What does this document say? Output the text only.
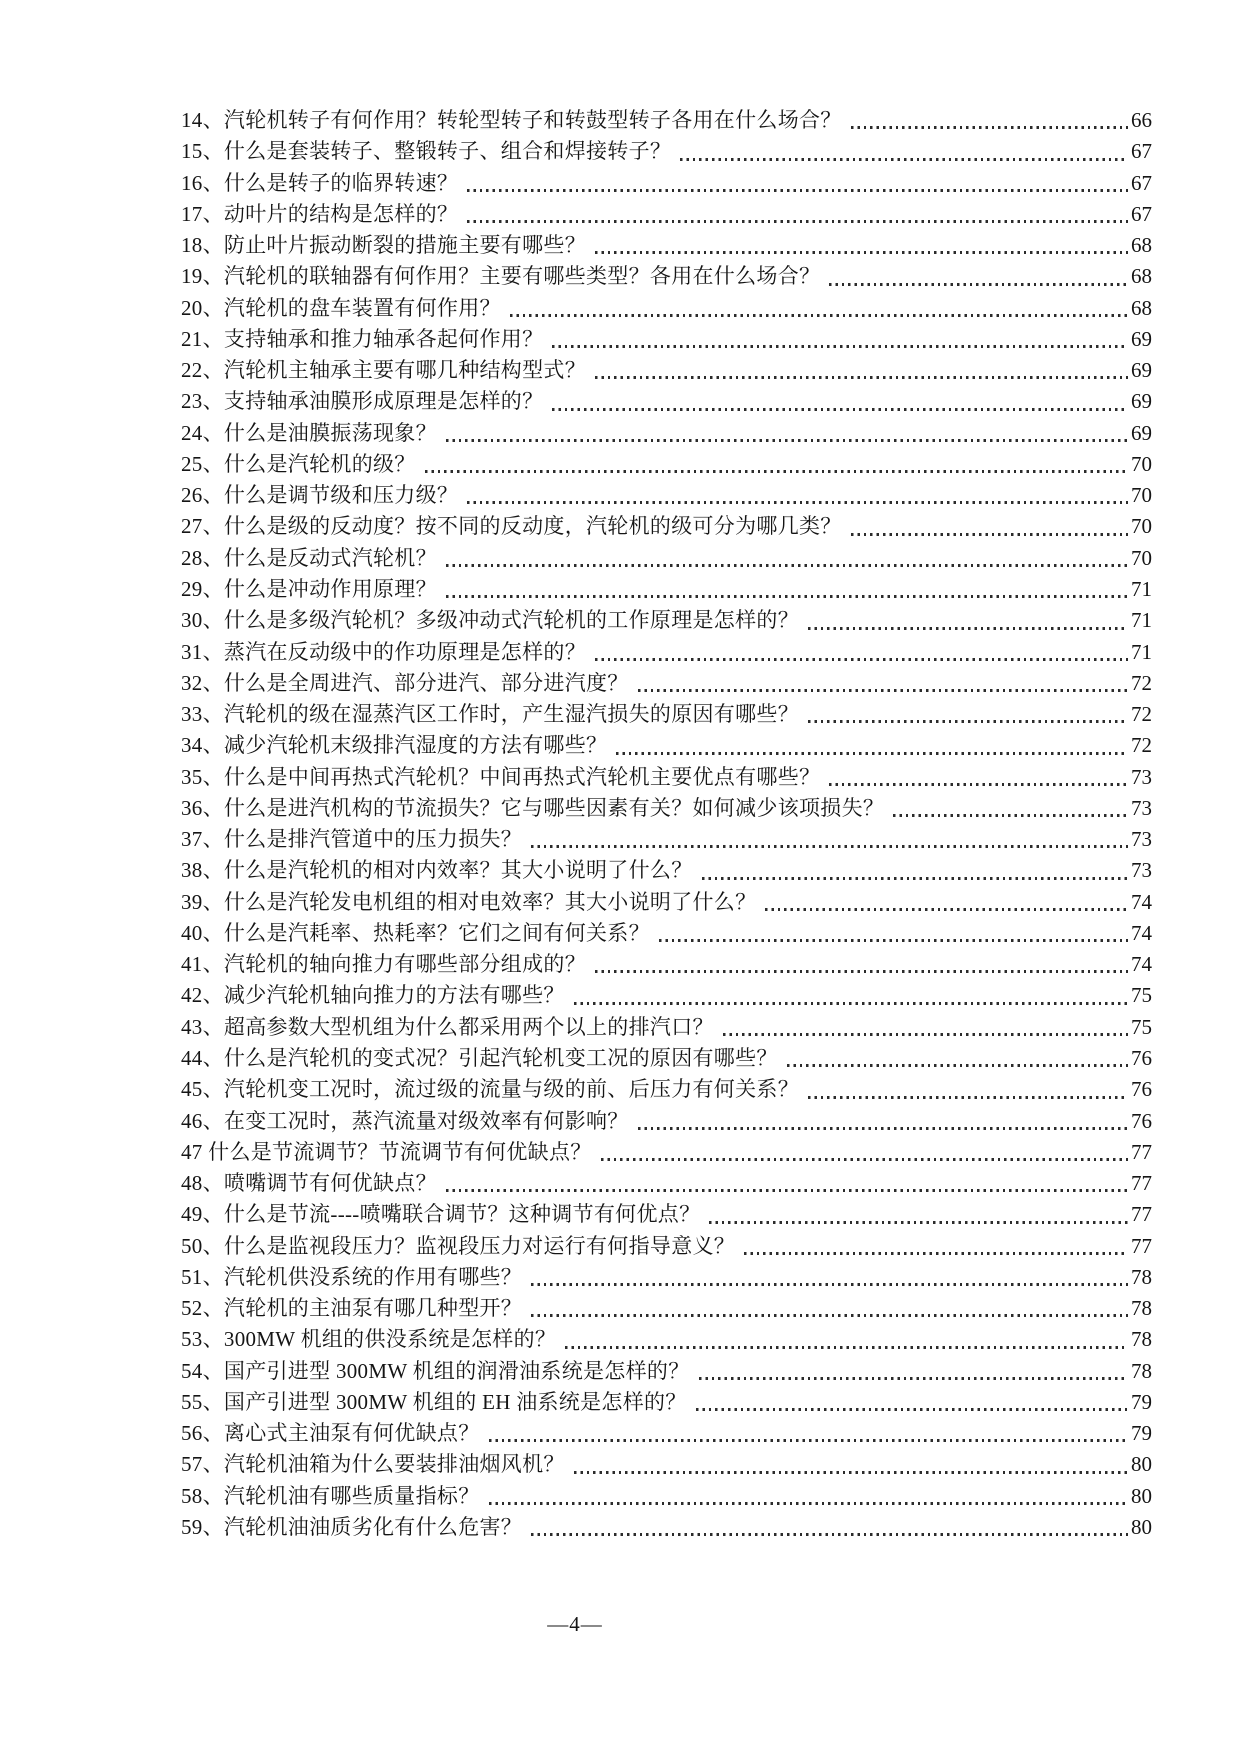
14、汽轮机转子有何作用？转轮型转子和转鼓型转子各用在什么场合？	66
15、什么是套装转子、整锻转子、组合和焊接转子？	67
16、什么是转子的临界转速？	67
17、动叶片的结构是怎样的？	67
18、防止叶片振动断裂的措施主要有哪些？	68
19、汽轮机的联轴器有何作用？主要有哪些类型？各用在什么场合？	68
20、汽轮机的盘车装置有何作用？	68
21、支持轴承和推力轴承各起何作用？	69
22、汽轮机主轴承主要有哪几种结构型式？	69
23、支持轴承油膜形成原理是怎样的？	69
24、什么是油膜振荡现象？	69
25、什么是汽轮机的级？	70
26、什么是调节级和压力级？	70
27、什么是级的反动度？按不同的反动度，汽轮机的级可分为哪几类？	70
28、什么是反动式汽轮机？	70
29、什么是冲动作用原理？	71
30、什么是多级汽轮机？多级冲动式汽轮机的工作原理是怎样的？	71
31、蒸汽在反动级中的作功原理是怎样的？	71
32、什么是全周进汽、部分进汽、部分进汽度？	72
33、汽轮机的级在湿蒸汽区工作时，产生湿汽损失的原因有哪些？	72
34、减少汽轮机末级排汽湿度的方法有哪些？	72
35、什么是中间再热式汽轮机？中间再热式汽轮机主要优点有哪些？	73
36、什么是进汽机构的节流损失？它与哪些因素有关？如何减少该项损失？	73
37、什么是排汽管道中的压力损失？	73
38、什么是汽轮机的相对内效率？其大小说明了什么？	73
39、什么是汽轮发电机组的相对电效率？其大小说明了什么？	74
40、什么是汽耗率、热耗率？它们之间有何关系？	74
41、汽轮机的轴向推力有哪些部分组成的？	74
42、减少汽轮机轴向推力的方法有哪些？	75
43、超高参数大型机组为什么都采用两个以上的排汽口？	75
44、什么是汽轮机的变式况？引起汽轮机变工况的原因有哪些？	76
45、汽轮机变工况时，流过级的流量与级的前、后压力有何关系？	76
46、在变工况时，蒸汽流量对级效率有何影响？	76
47 什么是节流调节？节流调节有何优缺点？	77
48、喷嘴调节有何优缺点？	77
49、什么是节流----喷嘴联合调节？这种调节有何优点？	77
50、什么是监视段压力？监视段压力对运行有何指导意义？	77
51、汽轮机供没系统的作用有哪些？	78
52、汽轮机的主油泵有哪几种型开？	78
53、300MW 机组的供没系统是怎样的？	78
54、国产引进型 300MW 机组的润滑油系统是怎样的？	78
55、国产引进型 300MW 机组的 EH 油系统是怎样的？	79
56、离心式主油泵有何优缺点？	79
57、汽轮机油箱为什么要装排油烟风机？	80
58、汽轮机油有哪些质量指标？	80
59、汽轮机油油质劣化有什么危害？	80
—4—
